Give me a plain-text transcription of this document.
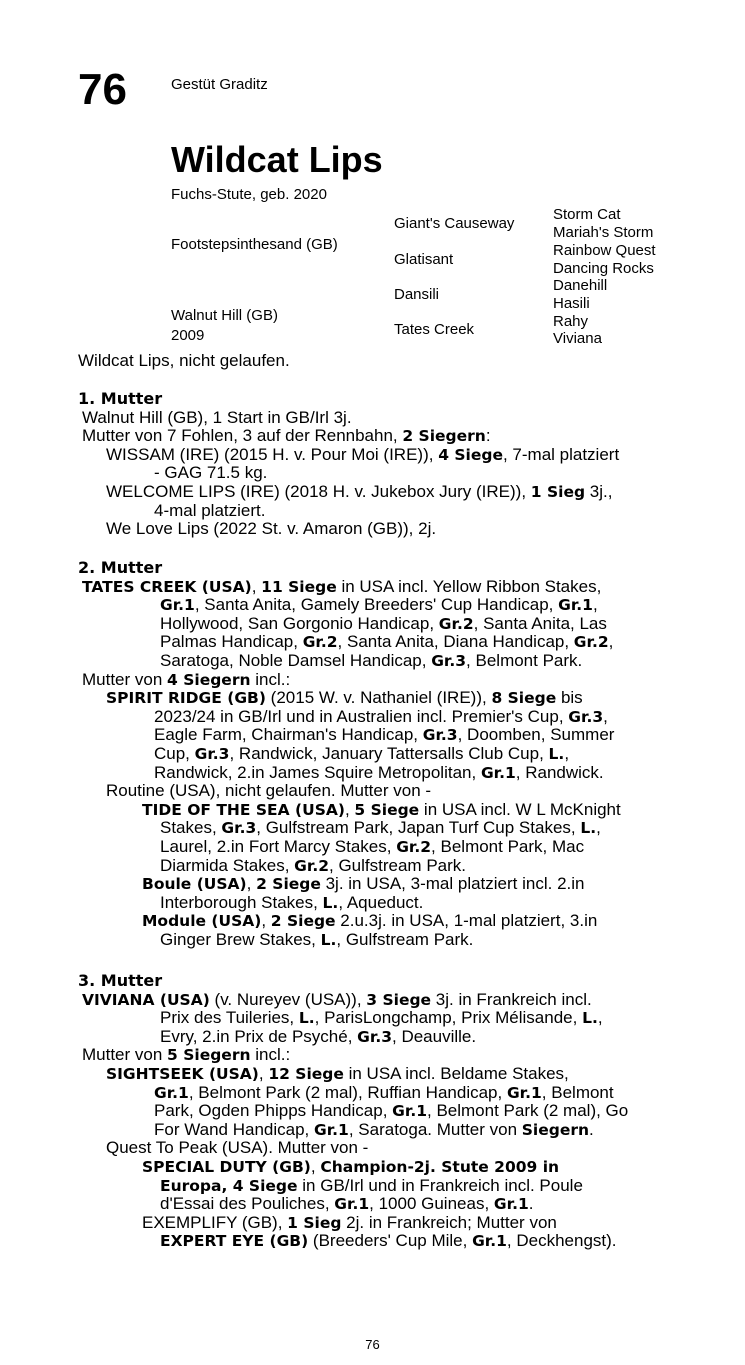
76	Gestüt Graditz
Wildcat Lips
Fuchs-Stute, geb. 2020
Footstepsinthesand (GB)
Walnut Hill (GB)
2009
Giant's Causeway
Glatisant
Dansili
Tates Creek
Storm Cat
Mariah's Storm
Rainbow Quest
Dancing Rocks
Danehill
Hasili
Rahy
Viviana
Wildcat Lips, nicht gelaufen.
1. Mutter
Walnut Hill (GB), 1 Start in GB/Irl 3j.
Mutter von 7 Fohlen, 3 auf der Rennbahn, 2 Siegern:
WISSAM (IRE) (2015 H. v. Pour Moi (IRE)), 4 Siege, 7-mal platziert
- GAG 71.5 kg.
WELCOME LIPS (IRE) (2018 H. v. Jukebox Jury (IRE)), 1 Sieg 3j.,
4-mal platziert.
We Love Lips (2022 St. v. Amaron (GB)), 2j.
2. Mutter
TATES CREEK (USA), 11 Siege in USA incl. Yellow Ribbon Stakes,
Gr.1, Santa Anita, Gamely Breeders' Cup Handicap, Gr.1,
Hollywood, San Gorgonio Handicap, Gr.2, Santa Anita, Las
Palmas Handicap, Gr.2, Santa Anita, Diana Handicap, Gr.2,
Saratoga, Noble Damsel Handicap, Gr.3, Belmont Park.
Mutter von 4 Siegern incl.:
SPIRIT RIDGE (GB) (2015 W. v. Nathaniel (IRE)), 8 Siege bis
2023/24 in GB/Irl und in Australien incl. Premier's Cup, Gr.3,
Eagle Farm, Chairman's Handicap, Gr.3, Doomben, Summer
Cup, Gr.3, Randwick, January Tattersalls Club Cup, L.,
Randwick, 2.in James Squire Metropolitan, Gr.1, Randwick.
Routine (USA), nicht gelaufen. Mutter von -
TIDE OF THE SEA (USA), 5 Siege in USA incl. W L McKnight
Stakes, Gr.3, Gulfstream Park, Japan Turf Cup Stakes, L.,
Laurel, 2.in Fort Marcy Stakes, Gr.2, Belmont Park, Mac
Diarmida Stakes, Gr.2, Gulfstream Park.
Boule (USA), 2 Siege 3j. in USA, 3-mal platziert incl. 2.in
Interborough Stakes, L., Aqueduct.
Module (USA), 2 Siege 2.u.3j. in USA, 1-mal platziert, 3.in
Ginger Brew Stakes, L., Gulfstream Park.
3. Mutter
VIVIANA (USA) (v. Nureyev (USA)), 3 Siege 3j. in Frankreich incl.
Prix des Tuileries, L., ParisLongchamp, Prix Mélisande, L.,
Evry, 2.in Prix de Psyché, Gr.3, Deauville.
Mutter von 5 Siegern incl.:
SIGHTSEEK (USA), 12 Siege in USA incl. Beldame Stakes,
Gr.1, Belmont Park (2 mal), Ruffian Handicap, Gr.1, Belmont
Park, Ogden Phipps Handicap, Gr.1, Belmont Park (2 mal), Go
For Wand Handicap, Gr.1, Saratoga. Mutter von Siegern.
Quest To Peak (USA). Mutter von -
SPECIAL DUTY (GB), Champion-2j. Stute 2009 in
Europa, 4 Siege in GB/Irl und in Frankreich incl. Poule
d'Essai des Pouliches, Gr.1, 1000 Guineas, Gr.1.
EXEMPLIFY (GB), 1 Sieg 2j. in Frankreich; Mutter von
EXPERT EYE (GB) (Breeders' Cup Mile, Gr.1, Deckhengst).
76
